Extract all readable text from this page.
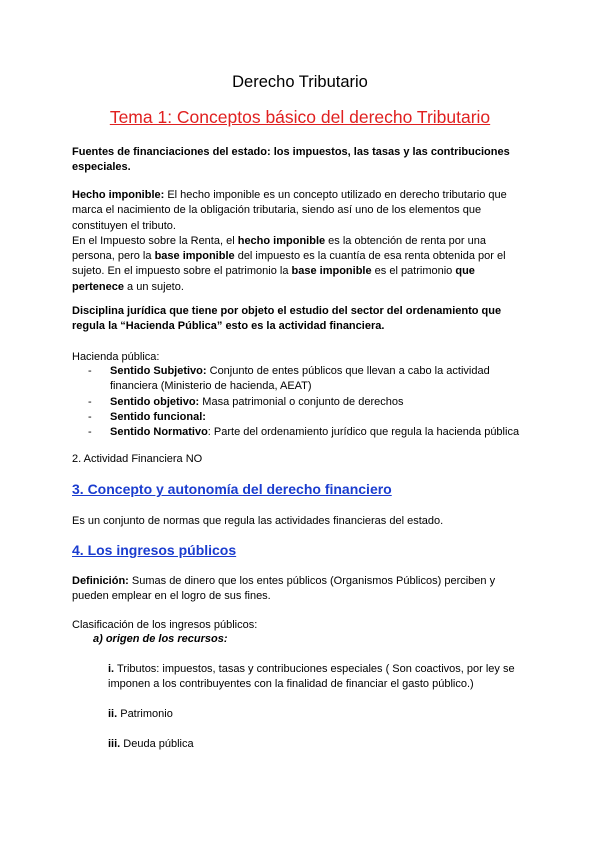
Derecho Tributario
Tema 1: Conceptos básico del derecho Tributario
Fuentes de financiaciones del estado: los impuestos, las tasas y las contribuciones especiales.
Hecho imponible: El hecho imponible es un concepto utilizado en derecho tributario que marca el nacimiento de la obligación tributaria, siendo así uno de los elementos que constituyen el tributo.
En el Impuesto sobre la Renta, el hecho imponible es la obtención de renta por una persona, pero la base imponible del impuesto es la cuantía de esa renta obtenida por el sujeto. En el impuesto sobre el patrimonio la base imponible es el patrimonio que pertenece a un sujeto.
Disciplina jurídica que tiene por objeto el estudio del sector del ordenamiento que regula la “Hacienda Pública” esto es la actividad financiera.
Hacienda pública:
- Sentido Subjetivo: Conjunto de entes públicos que llevan a cabo la actividad financiera (Ministerio de hacienda, AEAT)
- Sentido objetivo: Masa patrimonial o conjunto de derechos
- Sentido funcional:
- Sentido Normativo: Parte del ordenamiento jurídico que regula la hacienda pública
2. Actividad Financiera NO
3. Concepto y autonomía del derecho financiero
Es un conjunto de normas que regula las actividades financieras del estado.
4. Los ingresos públicos
Definición: Sumas de dinero que los entes públicos (Organismos Públicos) perciben y pueden emplear en el logro de sus fines.
Clasificación de los ingresos públicos:
a) origen de los recursos:
i. Tributos: impuestos, tasas y contribuciones especiales ( Son coactivos, por ley se imponen a los contribuyentes con la finalidad de financiar el gasto público.)
ii. Patrimonio
iii. Deuda pública
